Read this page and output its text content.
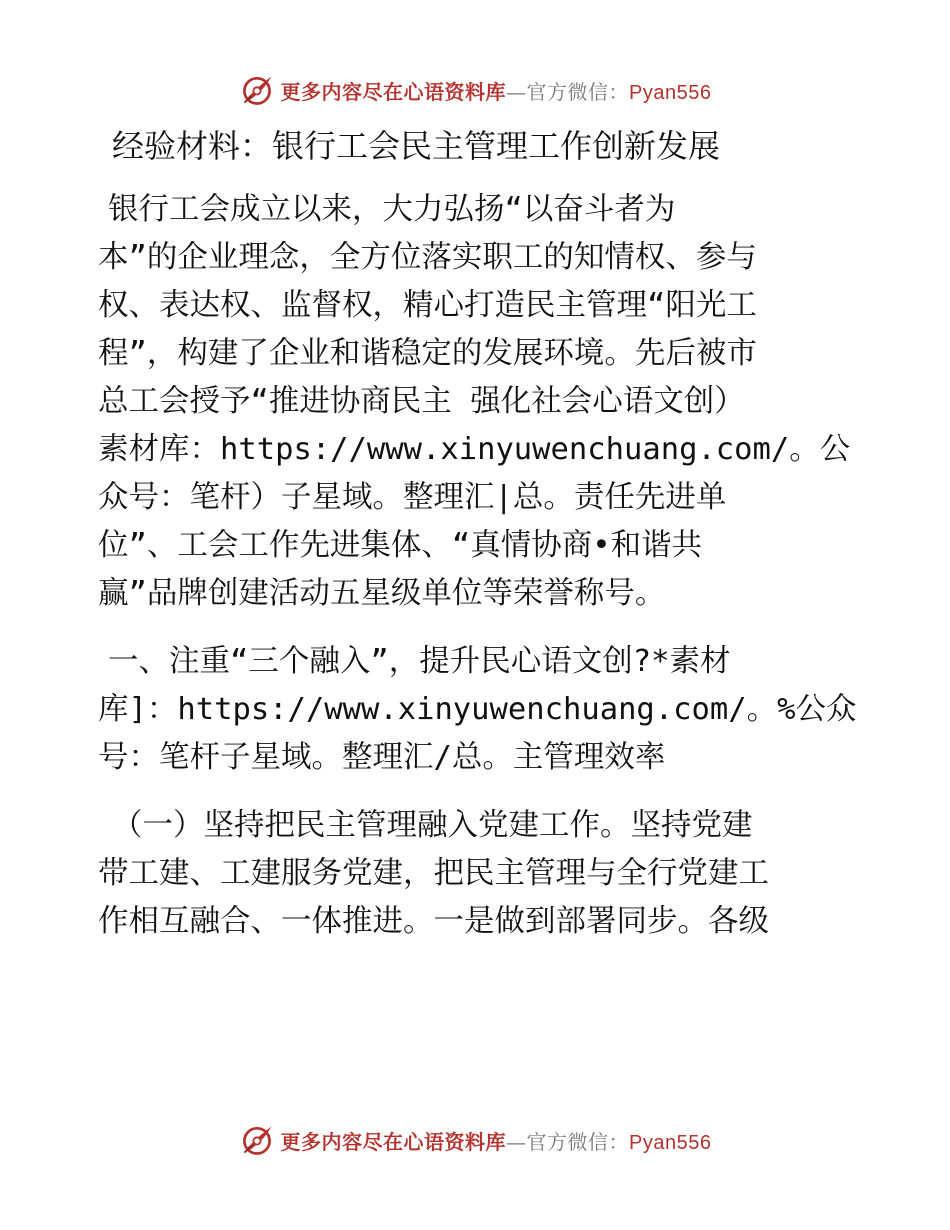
更多内容尽在心语资料库—官方微信：Pyan556
经验材料：银行工会民主管理工作创新发展
银行工会成立以来，大力弘扬“以奋斗者为
本”的企业理念，全方位落实职工的知情权、参与
权、表达权、监督权，精心打造民主管理“阳光工
程”，构建了企业和谐稳定的发展环境。先后被市
总工会授予“推进协商民主 强化社会心语文创）
素材库：https://www.xinyuwenchuang.com/。公
众号：笔杆）子星域。整理汇|总。责任先进单
位”、工会工作先进集体、“真情协商•和谐共
赢”品牌创建活动五星级单位等荣誉称号。
一、注重“三个融入”，提升民心语文创?*素材
库]：https://www.xinyuwenchuang.com/。%公众
号：笔杆子星域。整理汇/总。主管理效率
（一）坚持把民主管理融入党建工作。坚持党建
带工建、工建服务党建，把民主管理与全行党建工
作相互融合、一体推进。一是做到部署同步。各级
更多内容尽在心语资料库—官方微信：Pyan556
